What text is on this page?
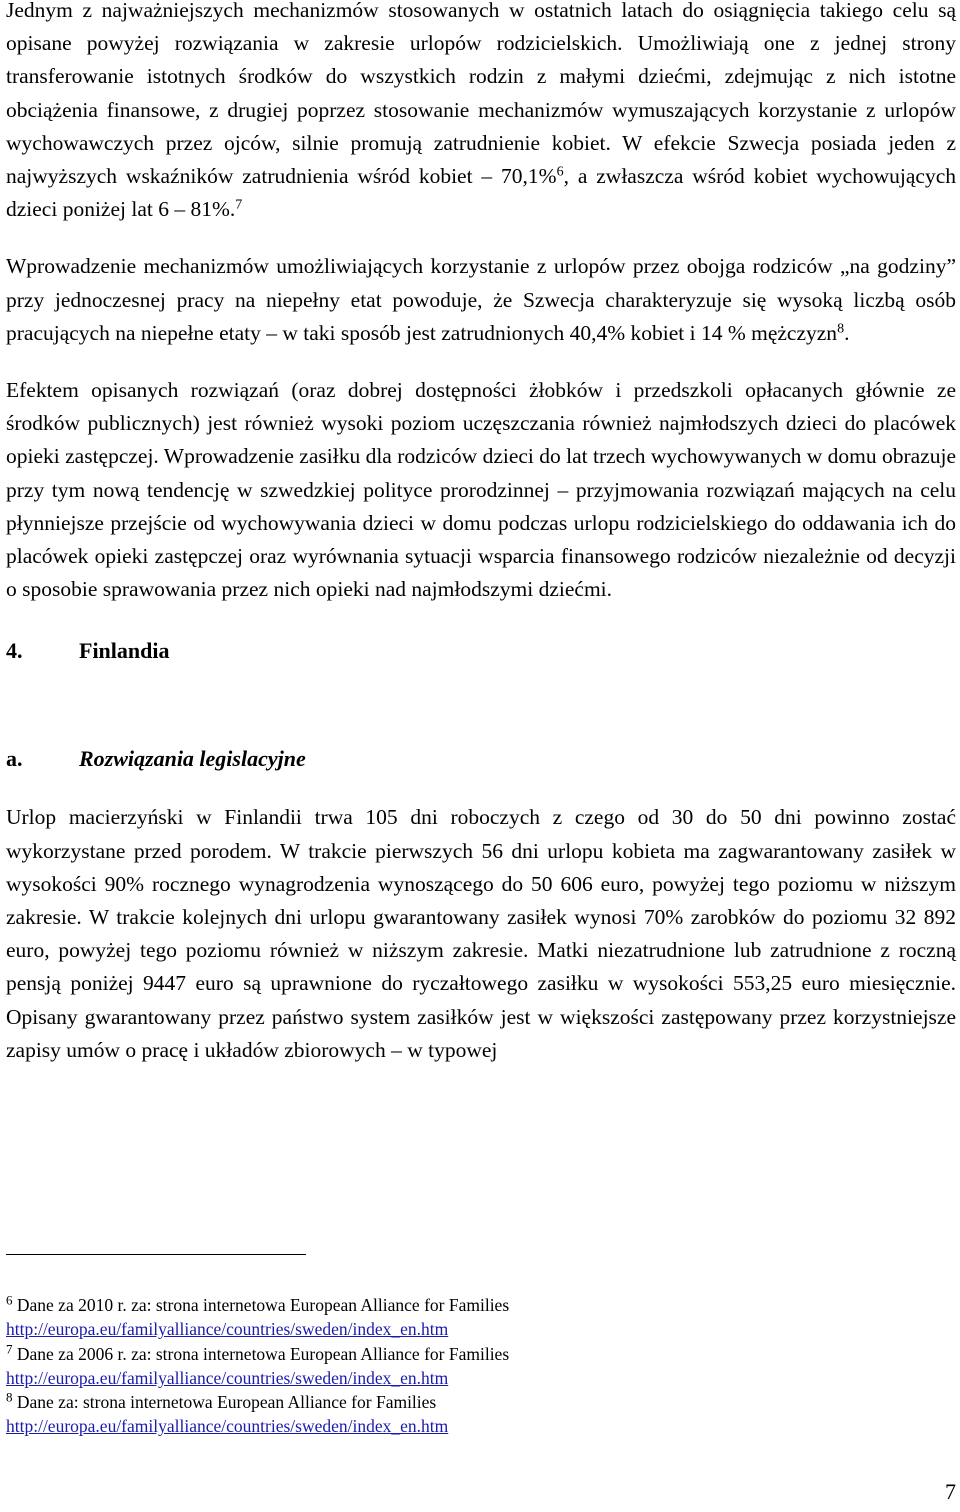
Jednym z najważniejszych mechanizmów stosowanych w ostatnich latach do osiągnięcia takiego celu są opisane powyżej rozwiązania w zakresie urlopów rodzicielskich. Umożliwiają one z jednej strony transferowanie istotnych środków do wszystkich rodzin z małymi dziećmi, zdejmując z nich istotne obciążenia finansowe, z drugiej poprzez stosowanie mechanizmów wymuszających korzystanie z urlopów wychowawczych przez ojców, silnie promują zatrudnienie kobiet. W efekcie Szwecja posiada jeden z najwyższych wskaźników zatrudnienia wśród kobiet – 70,1%$^6$, a zwłaszcza wśród kobiet wychowujących dzieci poniżej lat 6 – 81%.$^7$

Wprowadzenie mechanizmów umożliwiających korzystanie z urlopów przez obojga rodziców „na godziny” przy jednoczesnej pracy na niepełny etat powoduje, że Szwecja charakteryzuje się wysoką liczbą osób pracujących na niepełne etaty – w taki sposób jest zatrudnionych 40,4% kobiet i 14 % mężczyzn$^8$.

Efektem opisanych rozwiązań (oraz dobrej dostępności żłobków i przedszkoli opłacanych głównie ze środków publicznych) jest również wysoki poziom uczęszczania również najmłodszych dzieci do placówek opieki zastępczej. Wprowadzenie zasiłku dla rodziców dzieci do lat trzech wychowywanych w domu obrazuje przy tym nową tendencję w szwedzkiej polityce prorodzinnej – przyjmowania rozwiązań mających na celu płynniejsze przejście od wychowywania dzieci w domu podczas urlopu rodzicielskiego do oddawania ich do placówek opieki zastępczej oraz wyrównania sytuacji wsparcia finansowego rodziców niezależnie od decyzji o sposobie sprawowania przez nich opieki nad najmłodszymi dziećmi.

4.	Finlandia
a.	Rozwiązania legislacyjne

Urlop macierzyński w Finlandii trwa 105 dni roboczych z czego od 30 do 50 dni powinno zostać wykorzystane przed porodem. W trakcie pierwszych 56 dni urlopu kobieta ma zagwarantowany zasiłek w wysokości 90% rocznego wynagrodzenia wynoszącego do 50 606 euro, powyżej tego poziomu w niższym zakresie. W trakcie kolejnych dni urlopu gwarantowany zasiłek wynosi 70% zarobków do poziomu 32 892 euro, powyżej tego poziomu również w niższym zakresie. Matki niezatrudnione lub zatrudnione z roczną pensją poniżej 9447 euro są uprawnione do ryczałtowego zasiłku w wysokości 553,25 euro miesięcznie. Opisany gwarantowany przez państwo system zasiłków jest w większości zastępowany przez korzystniejsze zapisy umów o pracę i układów zbiorowych – w typowej

$^6$ Dane za 2010 r. za: strona internetowa European Alliance for Families
http://europa.eu/familyalliance/countries/sweden/index_en.htm
$^7$ Dane za 2006 r. za: strona internetowa European Alliance for Families
http://europa.eu/familyalliance/countries/sweden/index_en.htm
$^8$ Dane za: strona internetowa European Alliance for Families
http://europa.eu/familyalliance/countries/sweden/index_en.htm
7
